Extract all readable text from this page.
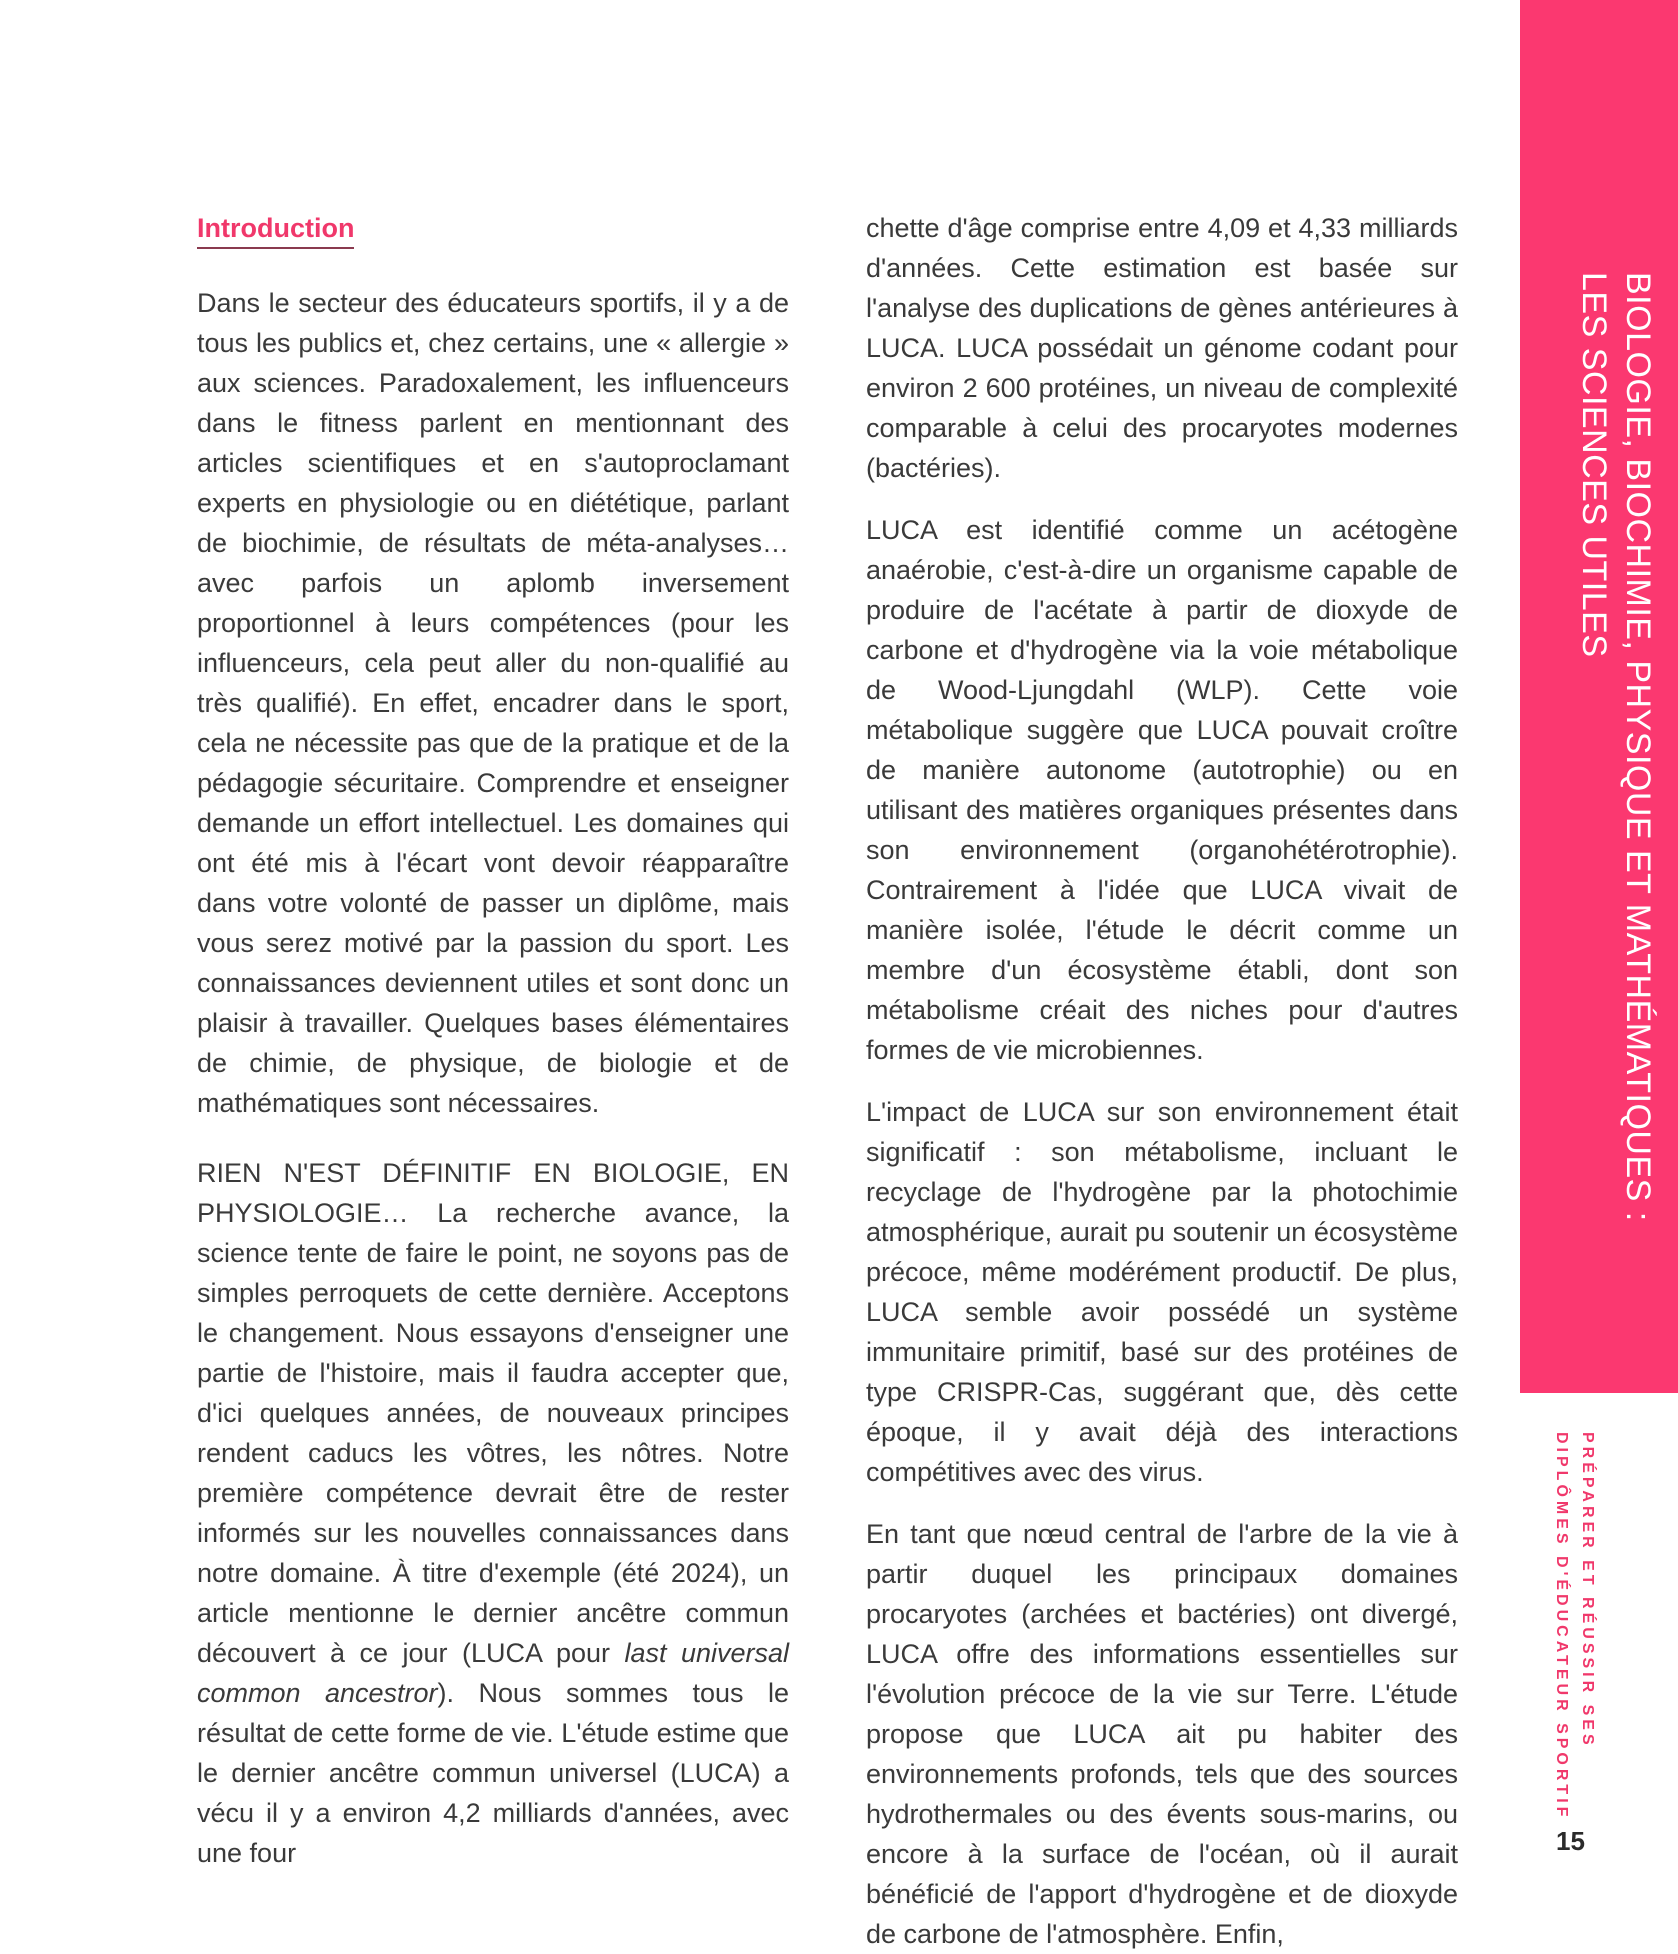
BIOLOGIE, BIOCHIMIE, PHYSIQUE ET MATHÉMATIQUES :
LES SCIENCES UTILES
PRÉPARER ET RÉUSSIR SES
DIPLÔMES D'ÉDUCATEUR SPORTIF
15
Introduction

Dans le secteur des éducateurs sportifs, il y a de tous les publics et, chez certains, une « allergie » aux sciences. Paradoxalement, les influenceurs dans le fitness parlent en mentionnant des articles scientifiques et en s'autoproclamant experts en physiologie ou en diététique, parlant de biochimie, de résultats de méta-analyses… avec parfois un aplomb inversement proportionnel à leurs compétences (pour les influenceurs, cela peut aller du non-qualifié au très qualifié). En effet, encadrer dans le sport, cela ne nécessite pas que de la pratique et de la pédagogie sécuritaire. Comprendre et enseigner demande un effort intellectuel. Les domaines qui ont été mis à l'écart vont devoir réapparaître dans votre volonté de passer un diplôme, mais vous serez motivé par la passion du sport. Les connaissances deviennent utiles et sont donc un plaisir à travailler. Quelques bases élémentaires de chimie, de physique, de biologie et de mathématiques sont nécessaires.

RIEN N'EST DÉFINITIF EN BIOLOGIE, EN PHYSIOLOGIE… La recherche avance, la science tente de faire le point, ne soyons pas de simples perroquets de cette dernière. Acceptons le changement. Nous essayons d'enseigner une partie de l'histoire, mais il faudra accepter que, d'ici quelques années, de nouveaux principes rendent caducs les vôtres, les nôtres. Notre première compétence devrait être de rester informés sur les nouvelles connaissances dans notre domaine. À titre d'exemple (été 2024), un article mentionne le dernier ancêtre commun découvert à ce jour (LUCA pour last universal common ancestror). Nous sommes tous le résultat de cette forme de vie. L'étude estime que le dernier ancêtre commun universel (LUCA) a vécu il y a environ 4,2 milliards d'années, avec une four

chette d'âge comprise entre 4,09 et 4,33 milliards d'années. Cette estimation est basée sur l'analyse des duplications de gènes antérieures à LUCA. LUCA possédait un génome codant pour environ 2 600 protéines, un niveau de complexité comparable à celui des procaryotes modernes (bactéries).

LUCA est identifié comme un acétogène anaérobie, c'est-à-dire un organisme capable de produire de l'acétate à partir de dioxyde de carbone et d'hydrogène via la voie métabolique de Wood-Ljungdahl (WLP). Cette voie métabolique suggère que LUCA pouvait croître de manière autonome (autotrophie) ou en utilisant des matières organiques présentes dans son environnement (organohétérotrophie). Contrairement à l'idée que LUCA vivait de manière isolée, l'étude le décrit comme un membre d'un écosystème établi, dont son métabolisme créait des niches pour d'autres formes de vie microbiennes.

L'impact de LUCA sur son environnement était significatif : son métabolisme, incluant le recyclage de l'hydrogène par la photochimie atmosphérique, aurait pu soutenir un écosystème précoce, même modérément productif. De plus, LUCA semble avoir possédé un système immunitaire primitif, basé sur des protéines de type CRISPR-Cas, suggérant que, dès cette époque, il y avait déjà des interactions compétitives avec des virus.

En tant que nœud central de l'arbre de la vie à partir duquel les principaux domaines procaryotes (archées et bactéries) ont divergé, LUCA offre des informations essentielles sur l'évolution précoce de la vie sur Terre. L'étude propose que LUCA ait pu habiter des environnements profonds, tels que des sources hydrothermales ou des évents sous-marins, ou encore à la surface de l'océan, où il aurait bénéficié de l'apport d'hydrogène et de dioxyde de carbone de l'atmosphère. Enfin,
